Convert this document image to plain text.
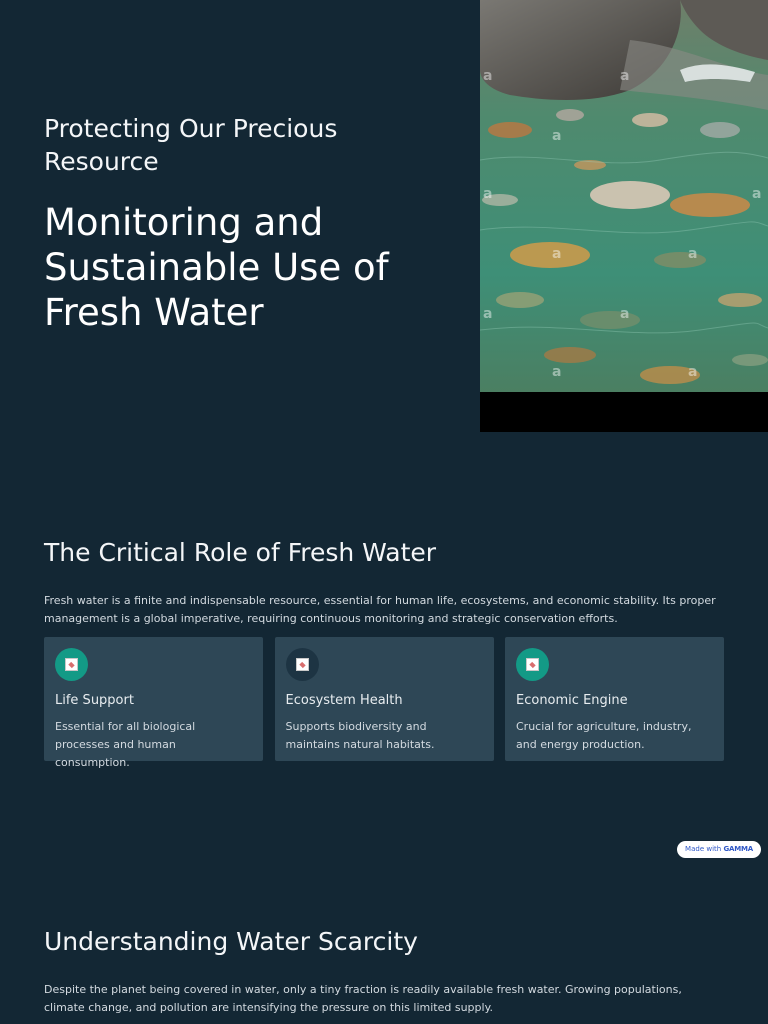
Protecting Our Precious Resource
Monitoring and Sustainable Use of Fresh Water
a	a
a
a	a
a	a
a	a
a	a
The Critical Role of Fresh Water

Fresh water is a finite and indispensable resource, essential for human life, ecosystems, and economic stability. Its proper management is a global imperative, requiring continuous monitoring and strategic conservation efforts.

Life Support
Essential for all biological processes and human consumption.
Ecosystem Health
Supports biodiversity and maintains natural habitats.
Economic Engine
Crucial for agriculture, industry, and energy production.
Made with GAMMA
Understanding Water Scarcity

Despite the planet being covered in water, only a tiny fraction is readily available fresh water. Growing populations, climate change, and pollution are intensifying the pressure on this limited supply.
